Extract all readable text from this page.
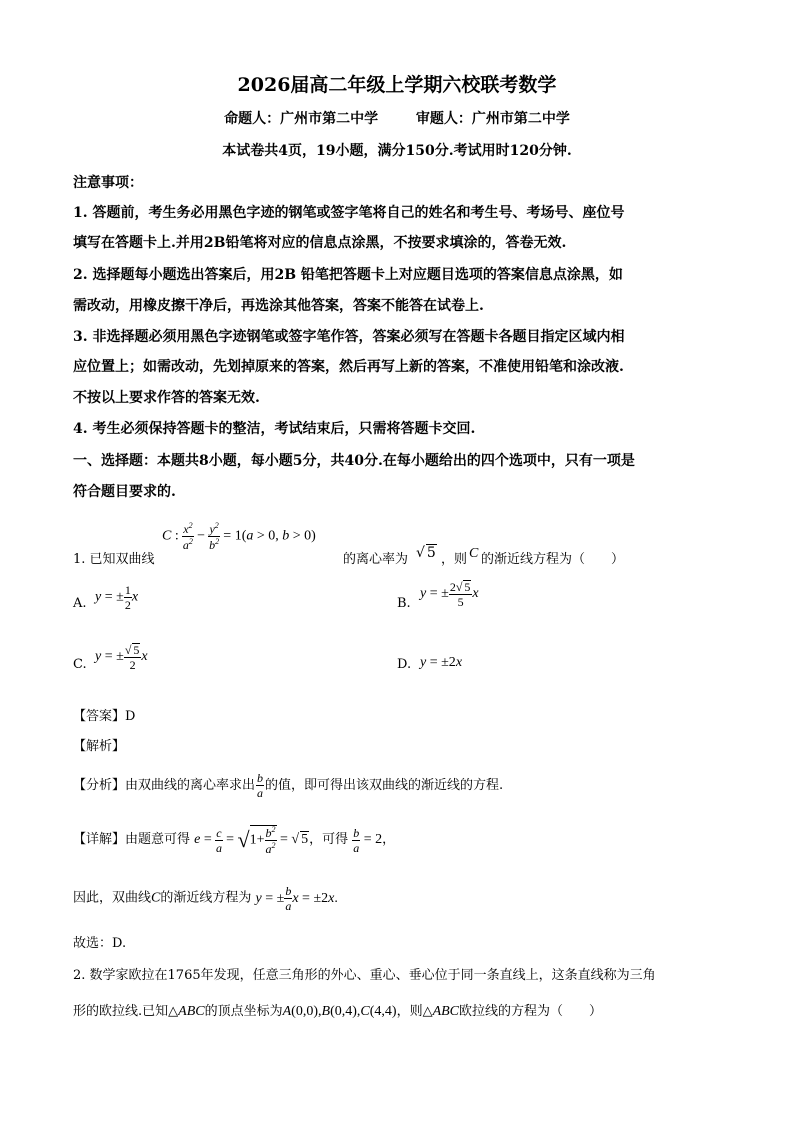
2026届高二年级上学期六校联考数学
命题人：广州市第二中学	审题人：广州市第二中学
本试卷共4页，19小题，满分150分.考试用时120分钟.
注意事项：
1. 答题前，考生务必用黑色字迹的钢笔或签字笔将自己的姓名和考生号、考场号、座位号
填写在答题卡上.并用2B铅笔将对应的信息点涂黑，不按要求填涂的，答卷无效.
2. 选择题每小题选出答案后，用2B 铅笔把答题卡上对应题目选项的答案信息点涂黑，如
需改动，用橡皮擦干净后，再选涂其他答案，答案不能答在试卷上.
3. 非选择题必须用黑色字迹钢笔或签字笔作答，答案必须写在答题卡各题目指定区域内相
应位置上；如需改动，先划掉原来的答案，然后再写上新的答案，不准使用铅笔和涂改液.
不按以上要求作答的答案无效.
4. 考生必须保持答题卡的整洁，考试结束后，只需将答题卡交回.
一、选择题：本题共8小题，每小题5分，共40分.在每小题给出的四个选项中，只有一项是
符合题目要求的.
1. 已知双曲线
C : $\frac{x^2}{a^2} - \frac{y^2}{b^2} = 1(a > 0$, b > 0)
的离心率为 √ 5 ，则 C 的渐近线方程为（　　）
A. y = ± $\frac{1}{2}$ x	B.
y = ± $\frac{2√ 5}{5}$ x
C.
y = ± $\frac{√ 5}{2}$ x
D. y = ±2x
【答案】D
【解析】
【分析】由双曲线的离心率求出 $\frac{b}{a}$ 的值，即可得出该双曲线的渐近线的方程.
【详解】由题意可得 $e = \frac{c}{a} = √1+ \frac{b^2}{a^2}$ = √ 5，可得 $\frac{b}{a} = 2$，
因此，双曲线C的渐近线方程为 y = ± $\frac{b}{a}$ x = ±2x.
故选：D.
2. 数学家欧拉在1765年发现，任意三角形的外心、重心、垂心位于同一条直线上，这条直线称为三角
形的欧拉线.已知△ABC的顶点坐标为A(0,0),B(0,4),C(4,4)，则△ABC欧拉线的方程为（　　）
